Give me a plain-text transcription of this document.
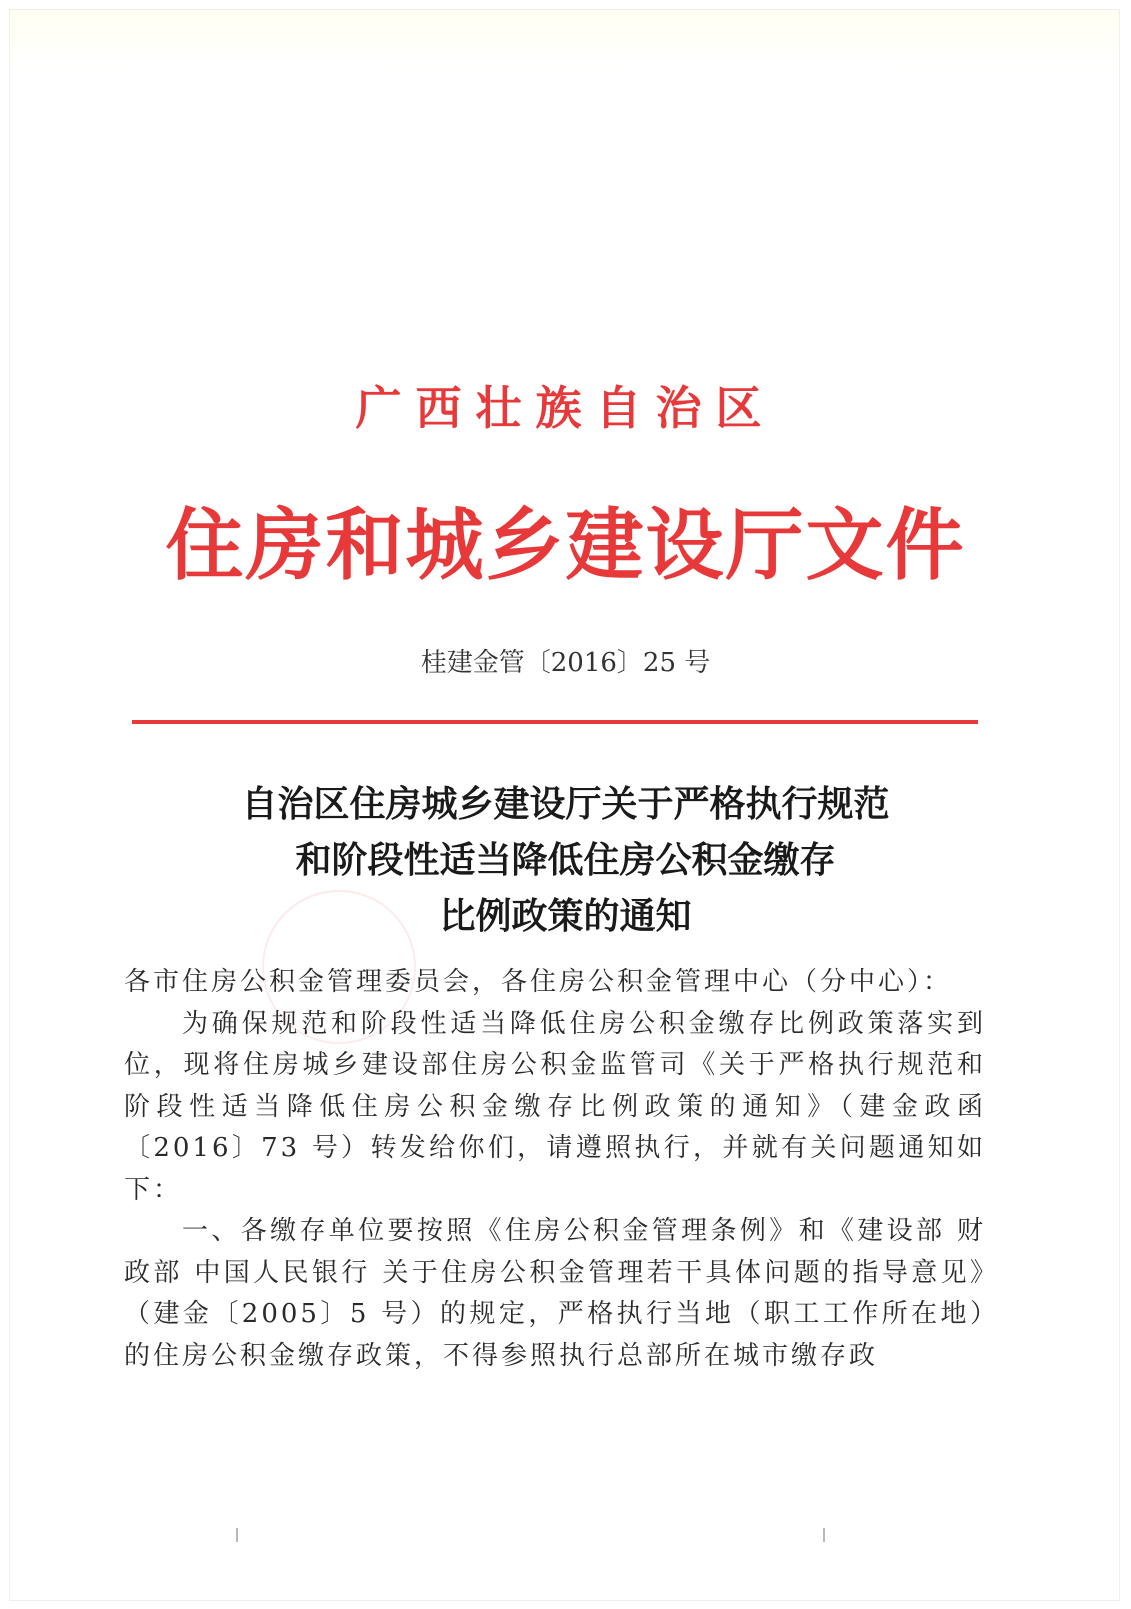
广西壮族自治区
住房和城乡建设厅文件
桂建金管〔2016〕25 号
自治区住房城乡建设厅关于严格执行规范
和阶段性适当降低住房公积金缴存
比例政策的通知

各市住房公积金管理委员会，各住房公积金管理中心（分中心）：

为确保规范和阶段性适当降低住房公积金缴存比例政策落实到位，现将住房城乡建设部住房公积金监管司《关于严格执行规范和阶段性适当降低住房公积金缴存比例政策的通知》（建金政函〔2016〕73 号）转发给你们，请遵照执行，并就有关问题通知如下：

一、各缴存单位要按照《住房公积金管理条例》和《建设部 财政部 中国人民银行 关于住房公积金管理若干具体问题的指导意见》（建金〔2005〕5 号）的规定，严格执行当地（职工工作所在地）的住房公积金缴存政策，不得参照执行总部所在城市缴存政
